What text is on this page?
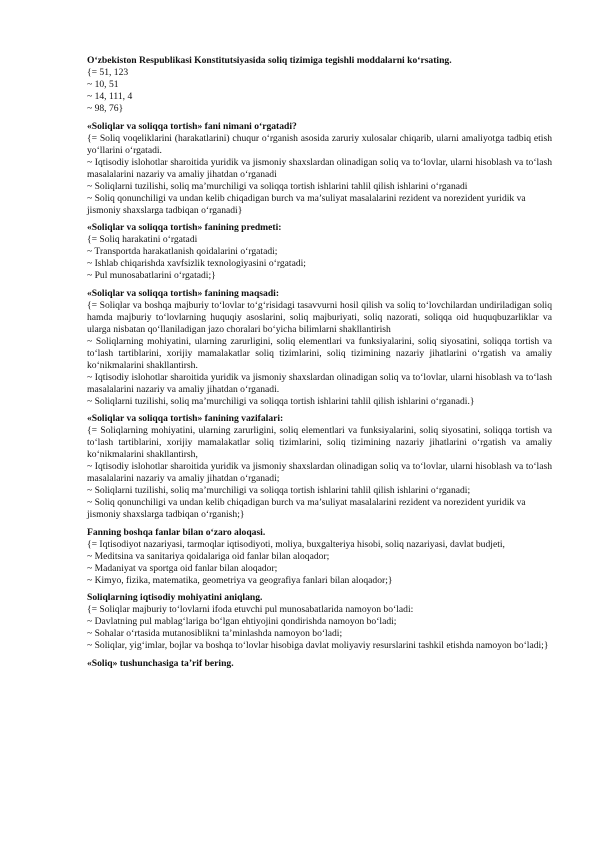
O‘zbekiston Respublikasi Konstitutsiyasida soliq tizimiga tegishli moddalarni ko‘rsating.

{= 51, 123

~ 10, 51

~ 14, 111, 4

~ 98, 76}

«Soliqlar va soliqqa tortish» fani nimani o‘rgatadi?

{= Soliq voqeliklarini (harakatlarini) chuqur o‘rganish asosida zaruriy xulosalar chiqarib, ularni amaliyotga tadbiq etish yo‘llarini o‘rgatadi.

~ Iqtisodiy islohotlar sharoitida yuridik va jismoniy shaxslardan olinadigan soliq va to‘lovlar, ularni hisoblash va to‘lash masalalarini nazariy va amaliy jihatdan o‘rganadi

~ Soliqlarni tuzilishi, soliq ma’murchiligi va soliqqa tortish ishlarini tahlil qilish ishlarini o‘rganadi

~ Soliq qonunchiligi va undan kelib chiqadigan burch va ma’suliyat masalalarini rezident va norezident yuridik va jismoniy shaxslarga tadbiqan o‘rganadi}

«Soliqlar va soliqqa tortish» fanining predmeti:

{= Soliq harakatini o‘rgatadi

~ Transportda harakatlanish qoidalarini o‘rgatadi;

~ Ishlab chiqarishda xavfsizlik texnologiyasini o‘rgatadi;

~ Pul munosabatlarini o‘rgatadi;}

«Soliqlar va soliqqa tortish» fanining maqsadi:

{= Soliqlar va boshqa majburiy to‘lovlar to‘g‘risidagi tasavvurni hosil qilish va soliq to‘lovchilardan undiriladigan soliq hamda majburiy to‘lovlarning huquqiy asoslarini, soliq majburiyati, soliq nazorati, soliqqa oid huquqbuzarliklar va ularga nisbatan qo‘llaniladigan jazo choralari bo‘yicha bilimlarni shakllantirish

~ Soliqlarning mohiyatini, ularning zarurligini, soliq elementlari va funksiyalarini, soliq siyosatini, soliqqa tortish va to‘lash tartiblarini, xorijiy mamalakatlar soliq tizimlarini, soliq tizimining nazariy jihatlarini o‘rgatish va amaliy ko‘nikmalarini shakllantirsh.

~ Iqtisodiy islohotlar sharoitida yuridik va jismoniy shaxslardan olinadigan soliq va to‘lovlar, ularni hisoblash va to‘lash masalalarini nazariy va amaliy jihatdan o‘rganadi.

~ Soliqlarni tuzilishi, soliq ma’murchiligi va soliqqa tortish ishlarini tahlil qilish ishlarini o‘rganadi.}

«Soliqlar va soliqqa tortish» fanining vazifalari:

{= Soliqlarning mohiyatini, ularning zarurligini, soliq elementlari va funksiyalarini, soliq siyosatini, soliqqa tortish va to‘lash tartiblarini, xorijiy mamalakatlar soliq tizimlarini, soliq tizimining nazariy jihatlarini o‘rgatish va amaliy ko‘nikmalarini shakllantirsh,

~ Iqtisodiy islohotlar sharoitida yuridik va jismoniy shaxslardan olinadigan soliq va to‘lovlar, ularni hisoblash va to‘lash masalalarini nazariy va amaliy jihatdan o‘rganadi;

~ Soliqlarni tuzilishi, soliq ma’murchiligi va soliqqa tortish ishlarini tahlil qilish ishlarini o‘rganadi;

~ Soliq qonunchiligi va undan kelib chiqadigan burch va ma’suliyat masalalarini rezident va norezident yuridik va jismoniy shaxslarga tadbiqan o‘rganish;}

Fanning boshqa fanlar bilan o‘zaro aloqasi.

{= Iqtisodiyot nazariyasi, tarmoqlar iqtisodiyoti, moliya, buxgalteriya hisobi, soliq nazariyasi, davlat budjeti,

~ Meditsina va sanitariya qoidalariga oid fanlar bilan aloqador;

~ Madaniyat va sportga oid fanlar bilan aloqador;

~ Kimyo, fizika, matematika, geometriya va geografiya fanlari bilan aloqador;}

Soliqlarning iqtisodiy mohiyatini aniqlang.

{= Soliqlar majburiy to‘lovlarni ifoda etuvchi pul munosabatlarida namoyon bo‘ladi:

~ Davlatning pul mablag‘lariga bo‘lgan ehtiyojini qondirishda namoyon bo‘ladi;

~ Sohalar o‘rtasida mutanosiblikni ta’minlashda namoyon bo‘ladi;

~ Soliqlar, yig‘imlar, bojlar va boshqa to‘lovlar hisobiga davlat moliyaviy resurslarini tashkil etishda namoyon bo‘ladi;}

«Soliq» tushunchasiga ta’rif bering.
